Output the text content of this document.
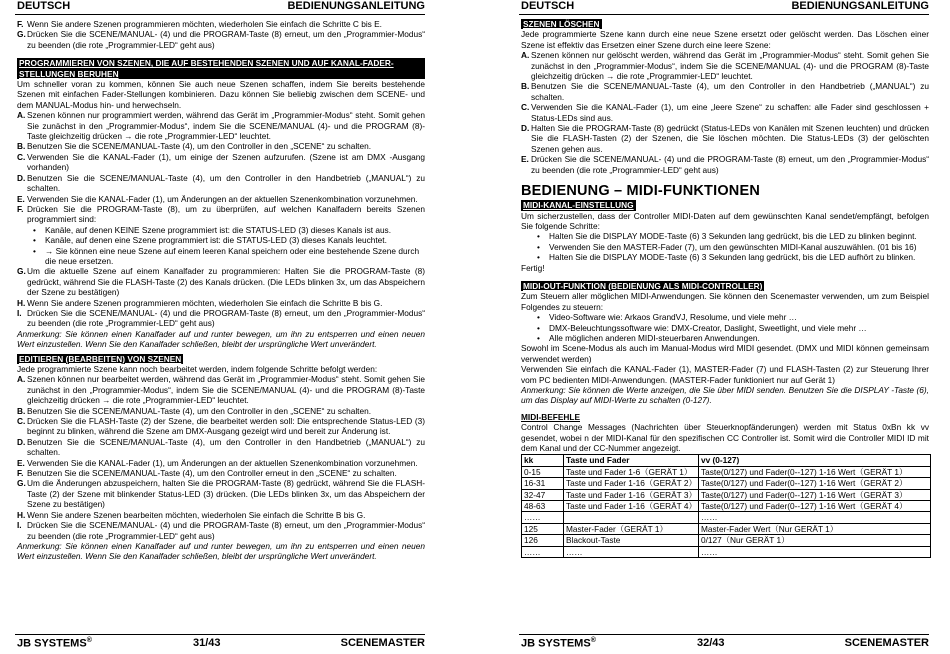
DEUTSCH	BEDIENUNGSANLEITUNG
F. Wenn Sie andere Szenen programmieren möchten, wiederholen Sie einfach die Schritte C bis E.
G. Drücken Sie die SCENE/MANUAL- (4) und die PROGRAM-Taste (8) erneut, um den „Programmier-Modus“ zu beenden (die rote „Programmier-LED“ geht aus)
PROGRAMMIEREN VON SZENEN, DIE AUF BESTEHENDEN SZENEN UND AUF KANAL-FADER-STELLUNGEN BERUHEN

Um schneller voran zu kommen, können Sie auch neue Szenen schaffen, indem Sie bereits bestehende Szenen mit einfachen Fader-Stellungen kombinieren. Dazu können Sie beliebig zwischen dem SCENE- und dem MANUAL-Modus hin- und herwechseln.

A. Szenen können nur programmiert werden, während das Gerät im „Programmier-Modus“ steht. Somit gehen Sie zunächst in den „Programmier-Modus“, indem Sie die SCENE/MANUAL (4)- und die PROGRAM (8)-Taste gleichzeitig drücken → die rote „Programmier-LED“ leuchtet.
B. Benutzen Sie die SCENE/MANUAL-Taste (4), um den Controller in den „SCENE“ zu schalten.
C. Verwenden Sie die KANAL-Fader (1), um einige der Szenen aufzurufen. (Szene ist am DMX -Ausgang vorhanden)
D. Benutzen Sie die SCENE/MANUAL-Taste (4), um den Controller in den Handbetrieb („MANUAL“) zu schalten.
E. Verwenden Sie die KANAL-Fader (1), um Änderungen an der aktuellen Szenenkombination vorzunehmen.
F. Drücken Sie die PROGRAM-Taste (8), um zu überprüfen, auf welchen Kanalfadern bereits Szenen programmiert sind:
•	Kanäle, auf denen KEINE Szene programmiert ist: die STATUS-LED (3) dieses Kanals ist aus.
•	Kanäle, auf denen eine Szene programmiert ist: die STATUS-LED (3) dieses Kanals leuchtet.
•	→ Sie können eine neue Szene auf einem leeren Kanal speichern oder eine bestehende Szene durch die neue ersetzen.
G. Um die aktuelle Szene auf einem Kanalfader zu programmieren: Halten Sie die PROGRAM-Taste (8) gedrückt, während Sie die FLASH-Taste (2) des Kanals drücken. (Die LEDs blinken 3x, um das Abspeichern der Szene zu bestätigen)
H. Wenn Sie andere Szenen programmieren möchten, wiederholen Sie einfach die Schritte B bis G.
I. Drücken Sie die SCENE/MANUAL- (4) und die PROGRAM-Taste (8) erneut, um den „Programmier-Modus“ zu beenden (die rote „Programmier-LED“ geht aus)

Anmerkung: Sie können einen Kanalfader auf und runter bewegen, um ihn zu entsperren und einen neuen Wert einzustellen. Wenn Sie den Kanalfader schließen, bleibt der ursprüngliche Wert unverändert.

EDITIEREN (BEARBEITEN) VON SZENEN

Jede programmierte Szene kann noch bearbeitet werden, indem folgende Schritte befolgt werden:

A. Szenen können nur bearbeitet werden, während das Gerät im „Programmier-Modus“ steht. Somit gehen Sie zunächst in den „Programmier-Modus“, indem Sie die SCENE/MANUAL (4)- und die PROGRAM (8)-Taste gleichzeitig drücken → die rote „Programmier-LED“ leuchtet.
B. Benutzen Sie die SCENE/MANUAL-Taste (4), um den Controller in den „SCENE“ zu schalten.
C. Drücken Sie die FLASH-Taste (2) der Szene, die bearbeitet werden soll: Die entsprechende Status-LED (3) beginnt zu blinken, während die Szene am DMX-Ausgang gezeigt wird und bereit zur Änderung ist.
D. Benutzen Sie die SCENE/MANUAL-Taste (4), um den Controller in den Handbetrieb („MANUAL“) zu schalten.
E. Verwenden Sie die KANAL-Fader (1), um Änderungen an der aktuellen Szenenkombination vorzunehmen.
F. Benutzen Sie die SCENE/MANUAL-Taste (4), um den Controller erneut in den „SCENE“ zu schalten.
G. Um die Änderungen abzuspeichern, halten Sie die PROGRAM-Taste (8) gedrückt, während Sie die FLASH-Taste (2) der Szene mit blinkender Status-LED (3) drücken. (Die LEDs blinken 3x, um das Abspeichern der Szene zu bestätigen)
H. Wenn Sie andere Szenen bearbeiten möchten, wiederholen Sie einfach die Schritte B bis G.
I. Drücken Sie die SCENE/MANUAL- (4) und die PROGRAM-Taste (8) erneut, um den „Programmier-Modus“ zu beenden (die rote „Programmier-LED“ geht aus)

Anmerkung: Sie können einen Kanalfader auf und runter bewegen, um ihn zu entsperren und einen neuen Wert einzustellen. Wenn Sie den Kanalfader schließen, bleibt der ursprüngliche Wert unverändert.

JB SYSTEMS®	31/43	SCENEMASTER
DEUTSCH	BEDIENUNGSANLEITUNG
SZENEN LÖSCHEN

Jede programmierte Szene kann durch eine neue Szene ersetzt oder gelöscht werden. Das Löschen einer Szene ist effektiv das Ersetzen einer Szene durch eine leere Szene:

A. Szenen können nur gelöscht werden, während das Gerät im „Programmier-Modus“ steht. Somit gehen Sie zunächst in den „Programmier-Modus“, indem Sie die SCENE/MANUAL (4)- und die PROGRAM (8)-Taste gleichzeitig drücken → die rote „Programmier-LED“ leuchtet.
B. Benutzen Sie die SCENE/MANUAL-Taste (4), um den Controller in den Handbetrieb („MANUAL“) zu schalten.
C. Verwenden Sie die KANAL-Fader (1), um eine „leere Szene“ zu schaffen: alle Fader sind geschlossen + Status-LEDs sind aus.
D. Halten Sie die PROGRAM-Taste (8) gedrückt (Status-LEDs von Kanälen mit Szenen leuchten) und drücken Sie die FLASH-Tasten (2) der Szenen, die Sie löschen möchten. Die Status-LEDs (3) der gelöschten Szenen gehen aus.
E. Drücken Sie die SCENE/MANUAL- (4) und die PROGRAM-Taste (8) erneut, um den „Programmier-Modus“ zu beenden (die rote „Programmier-LED“ geht aus)
BEDIENUNG – MIDI-FUNKTIONEN
MIDI-KANAL-EINSTELLUNG

Um sicherzustellen, dass der Controller MIDI-Daten auf dem gewünschten Kanal sendet/empfängt, befolgen Sie folgende Schritte:

•	Halten Sie die DISPLAY MODE-Taste (6) 3 Sekunden lang gedrückt, bis die LED zu blinken beginnt.
•	Verwenden Sie den MASTER-Fader (7), um den gewünschten MIDI-Kanal auszuwählen. (01 bis 16)
•	Halten Sie die DISPLAY MODE-Taste (6) 3 Sekunden lang gedrückt, bis die LED aufhört zu blinken.

Fertig!

MIDI-OUT-FUNKTION (BEDIENUNG ALS MIDI-CONTROLLER)

Zum Steuern aller möglichen MIDI-Anwendungen. Sie können den Scenemaster verwenden, um zum Beispiel Folgendes zu steuern:

•	Video-Software wie: Arkaos GrandVJ, Resolume, und viele mehr …
•	DMX-Beleuchtungssoftware wie: DMX-Creator, Daslight, Sweetlight, und viele mehr …
•	Alle möglichen anderen MIDI-steuerbaren Anwendungen.

Sowohl im Scene-Modus als auch im Manual-Modus wird MIDI gesendet. (DMX und MIDI können gemeinsam verwendet werden)

Verwenden Sie einfach die KANAL-Fader (1), MASTER-Fader (7) und FLASH-Tasten (2) zur Steuerung Ihrer vom PC bedienten MIDI-Anwendungen. (MASTER-Fader funktioniert nur auf Gerät 1)

Anmerkung: Sie können die Werte anzeigen, die Sie über MIDI senden. Benutzen Sie die DISPLAY -Taste (6), um das Display auf MIDI-Werte zu schalten (0-127).

MIDI-BEFEHLE

Control Change Messages (Nachrichten über Steuerknopfänderungen) werden mit Status 0xBn kk vv gesendet, wobei n der MIDI-Kanal für den spezifischen CC Controller ist. Somit wird die Controller MIDI ID mit dem Kanal und der CC-Nummer angezeigt.

kk	Taste und Fader	vv (0-127)
0-15	Taste und Fader 1-6（GERÄT 1）	Taste(0/127) und Fader(0--127) 1-16 Wert（GERÄT 1）
16-31	Taste und Fader 1-16（GERÄT 2）	Taste(0/127) und Fader(0--127) 1-16 Wert（GERÄT 2）
32-47	Taste und Fader 1-16（GERÄT 3）	Taste(0/127) und Fader(0--127) 1-16 Wert（GERÄT 3）
48-63	Taste und Fader 1-16（GERÄT 4）	Taste(0/127) und Fader(0--127) 1-16 Wert（GERÄT 4）
……		……
125	Master-Fader（GERÄT 1）	Master-Fader Wert（Nur GERÄT 1）
126	Blackout-Taste	0/127（Nur GERÄT 1）
……	……	……
JB SYSTEMS®	32/43	SCENEMASTER
